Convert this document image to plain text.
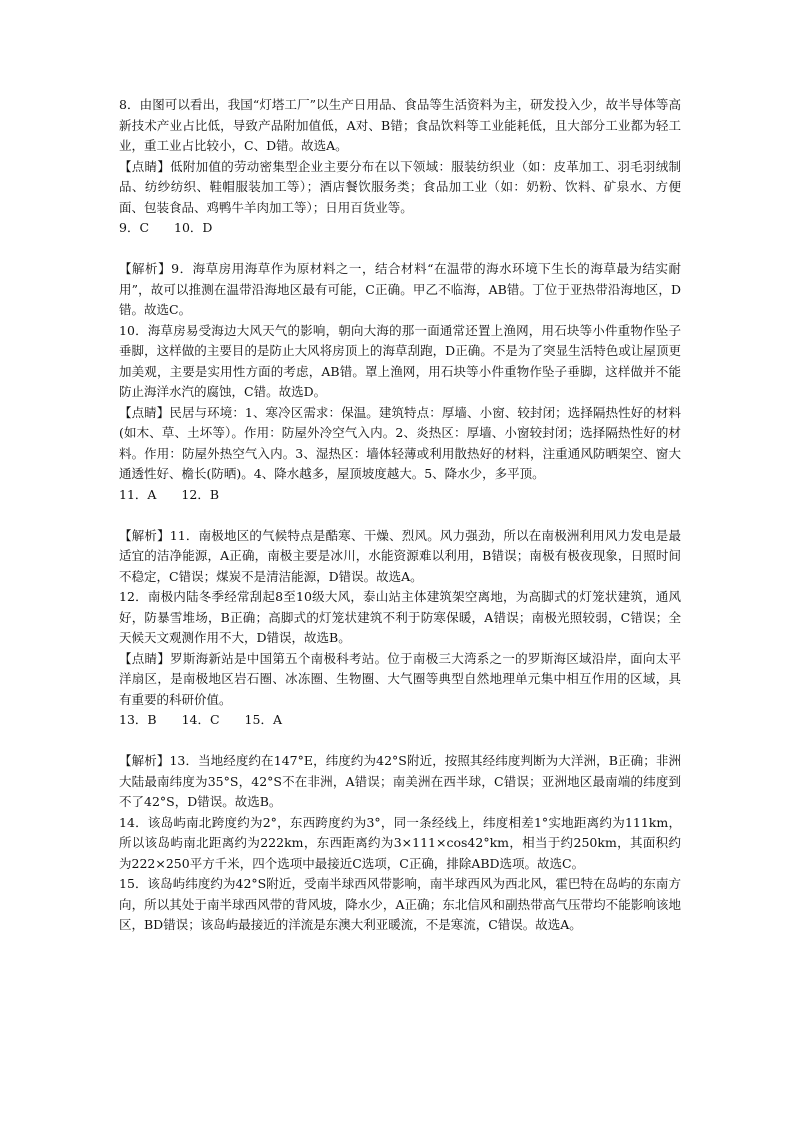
8．由图可以看出，我国“灯塔工厂”以生产日用品、食品等生活资料为主，研发投入少，故半导体等高新技术产业占比低，导致产品附加值低，A对、B错；食品饮料等工业能耗低，且大部分工业都为轻工业，重工业占比较小，C、D错。故选A。
【点睛】低附加值的劳动密集型企业主要分布在以下领域：服装纺织业（如：皮革加工、羽毛羽绒制品、纺纱纺织、鞋帽服装加工等）；酒店餐饮服务类；食品加工业（如：奶粉、饮料、矿泉水、方便面、包装食品、鸡鸭牛羊肉加工等）；日用百货业等。
9．C　　10．D
【解析】9．海草房用海草作为原材料之一，结合材料“在温带的海水环境下生长的海草最为结实耐用”，故可以推测在温带沿海地区最有可能，C正确。甲乙不临海，AB错。丁位于亚热带沿海地区，D错。故选C。
10．海草房易受海边大风天气的影响，朝向大海的那一面通常还置上渔网，用石块等小件重物作坠子垂脚，这样做的主要目的是防止大风将房顶上的海草刮跑，D正确。不是为了突显生活特色或让屋顶更加美观，主要是实用性方面的考虑，AB错。罩上渔网，用石块等小件重物作坠子垂脚，这样做并不能防止海洋水汽的腐蚀，C错。故选D。
【点睛】民居与环境：1、寒冷区需求：保温。建筑特点：厚墙、小窗、较封闭；选择隔热性好的材料(如木、草、土坏等）。作用：防屋外冷空气入内。2、炎热区：厚墙、小窗较封闭；选择隔热性好的材料。作用：防屋外热空气入内。3、湿热区：墙体轻薄或利用散热好的材料，注重通风防晒架空、窗大通透性好、檐长(防晒)。4、降水越多，屋顶坡度越大。5、降水少，多平顶。
11．A　　12．B
【解析】11．南极地区的气候特点是酷寒、干燥、烈风。风力强劲，所以在南极洲利用风力发电是最适宜的洁净能源，A正确，南极主要是冰川，水能资源难以利用，B错误；南极有极夜现象，日照时间不稳定，C错误；煤炭不是清洁能源，D错误。故选A。
12．南极内陆冬季经常刮起8至10级大风，泰山站主体建筑架空离地，为高脚式的灯笼状建筑，通风好，防暴雪堆场，B正确；高脚式的灯笼状建筑不利于防寒保暖，A错误；南极光照较弱，C错误；全天候天文观测作用不大，D错误，故选B。
【点睛】罗斯海新站是中国第五个南极科考站。位于南极三大湾系之一的罗斯海区域沿岸，面向太平洋扇区，是南极地区岩石圈、冰冻圈、生物圈、大气圈等典型自然地理单元集中相互作用的区域，具有重要的科研价值。
13．B　　14．C　　15．A
【解析】13．当地经度约在147°E，纬度约为42°S附近，按照其经纬度判断为大洋洲，B正确；非洲大陆最南纬度为35°S，42°S不在非洲，A错误；南美洲在西半球，C错误；亚洲地区最南端的纬度到不了42°S，D错误。故选B。
14．该岛屿南北跨度约为2°，东西跨度约为3°，同一条经线上，纬度相差1°实地距离约为111km，所以该岛屿南北距离约为222km，东西距离约为3×111×cos42°km，相当于约250km，其面积约为222×250平方千米，四个选项中最接近C选项，C正确，排除ABD选项。故选C。
15．该岛屿纬度约为42°S附近，受南半球西风带影响，南半球西风为西北风，霍巴特在岛屿的东南方向，所以其处于南半球西风带的背风坡，降水少，A正确；东北信风和副热带高气压带均不能影响该地区，BD错误；该岛屿最接近的洋流是东澳大利亚暖流，不是寒流，C错误。故选A。
